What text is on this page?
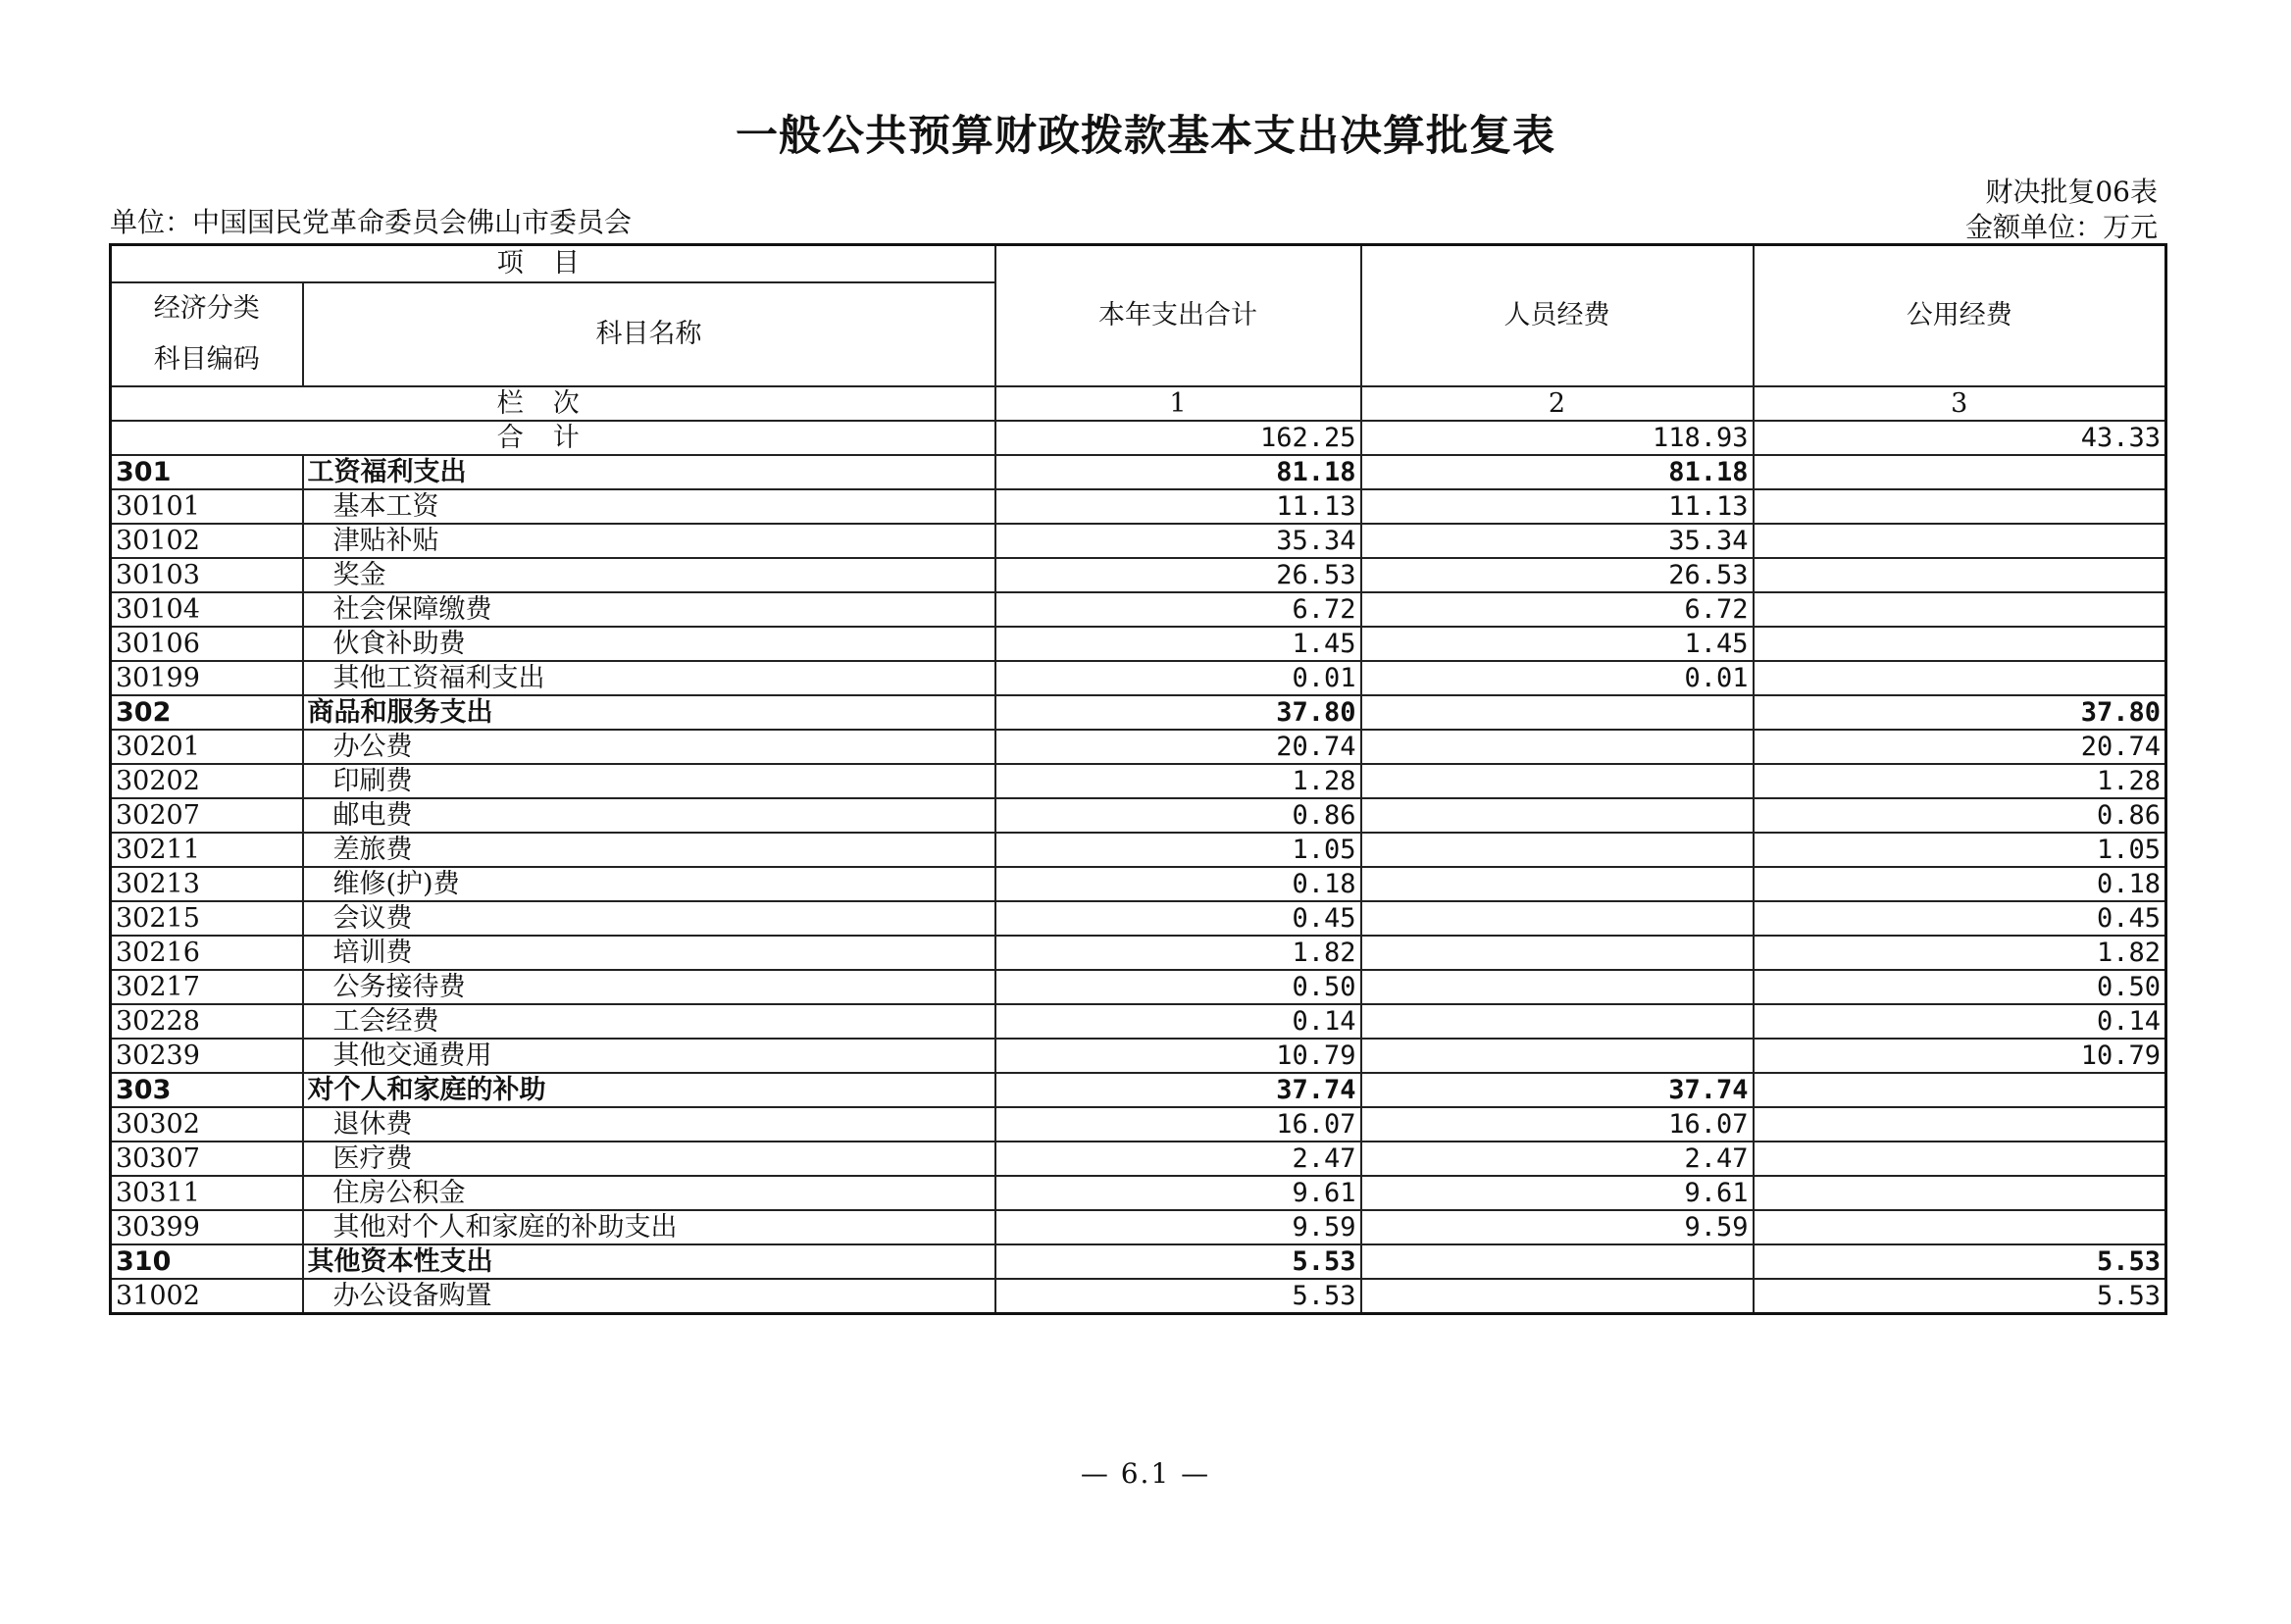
一般公共预算财政拨款基本支出决算批复表
单位：中国国民党革命委员会佛山市委员会
财决批复06表
金额单位：万元
项目		本年支出合计	人员经费	公用经费

经济分类
科目编码	科目名称			
栏次		1	2	3
合计		162.25	118.93	43.33
301	工资福利支出	81.18	81.18	
30101	基本工资	11.13	11.13	
30102	津贴补贴	35.34	35.34	
30103	奖金	26.53	26.53	
30104	社会保障缴费	6.72	6.72	
30106	伙食补助费	1.45	1.45	
30199	其他工资福利支出	0.01	0.01	
302	商品和服务支出	37.80		37.80
30201	办公费	20.74		20.74
30202	印刷费	1.28		1.28
30207	邮电费	0.86		0.86
30211	差旅费	1.05		1.05
30213	维修(护)费	0.18		0.18
30215	会议费	0.45		0.45
30216	培训费	1.82		1.82
30217	公务接待费	0.50		0.50
30228	工会经费	0.14		0.14
30239	其他交通费用	10.79		10.79
303	对个人和家庭的补助	37.74	37.74	
30302	退休费	16.07	16.07	
30307	医疗费	2.47	2.47	
30311	住房公积金	9.61	9.61	
30399	其他对个人和家庭的补助支出	9.59	9.59	
310	其他资本性支出	5.53		5.53
31002	办公设备购置	5.53		5.53
— 6.1 —
